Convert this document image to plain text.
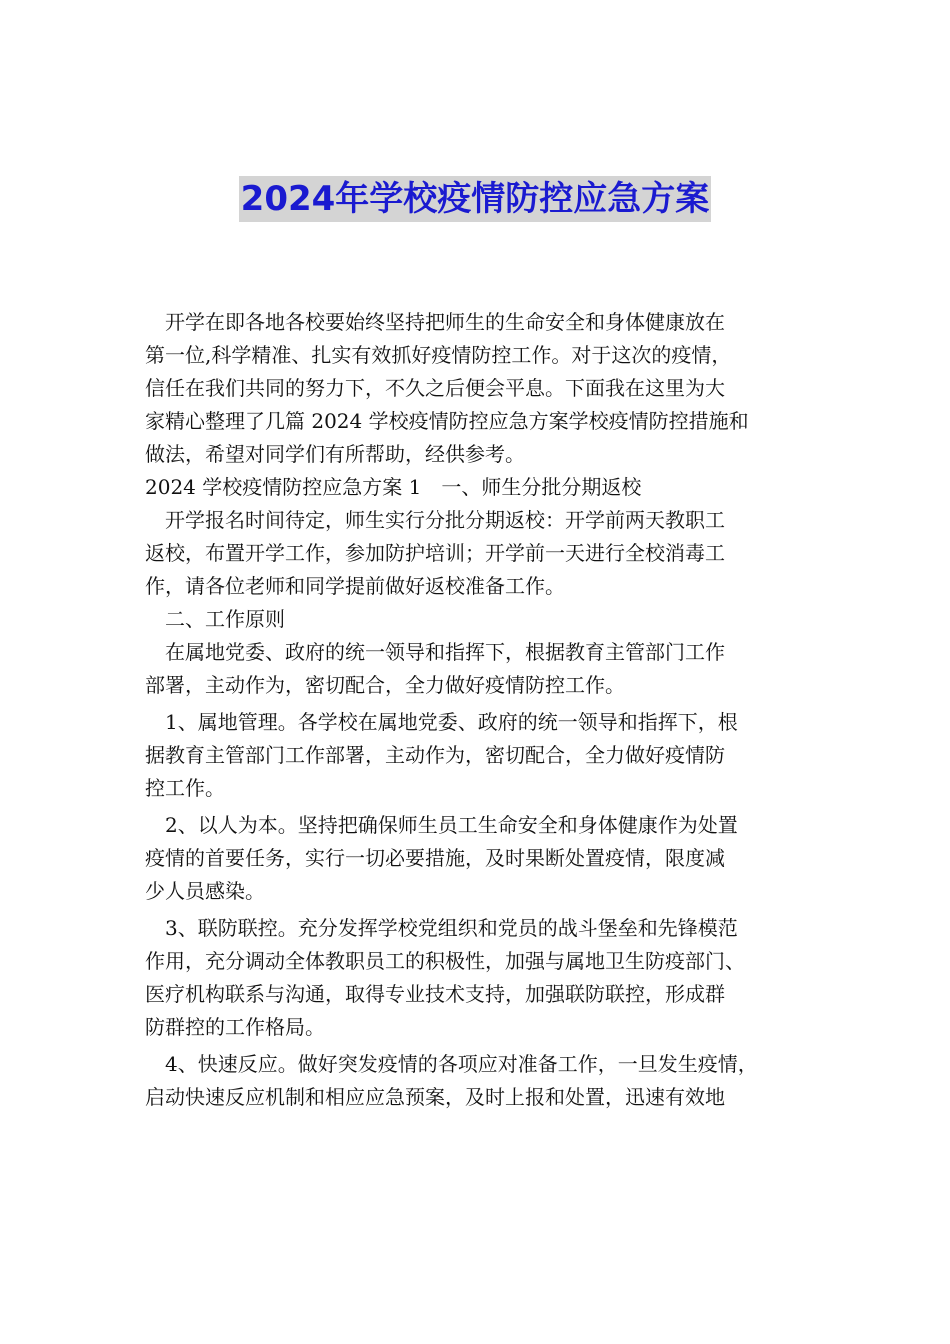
2024年学校疫情防控应急方案

　开学在即各地各校要始终坚持把师生的生命安全和身体健康放在

第一位,科学精准、扎实有效抓好疫情防控工作。对于这次的疫情，

信任在我们共同的努力下，不久之后便会平息。下面我在这里为大

家精心整理了几篇 2024 学校疫情防控应急方案学校疫情防控措施和

做法，希望对同学们有所帮助，经供参考。

2024 学校疫情防控应急方案 1　一、师生分批分期返校

　开学报名时间待定，师生实行分批分期返校：开学前两天教职工

返校，布置开学工作，参加防护培训；开学前一天进行全校消毒工

作，请各位老师和同学提前做好返校准备工作。

　二、工作原则

　在属地党委、政府的统一领导和指挥下，根据教育主管部门工作

部署，主动作为，密切配合，全力做好疫情防控工作。

　1、属地管理。各学校在属地党委、政府的统一领导和指挥下，根

据教育主管部门工作部署，主动作为，密切配合，全力做好疫情防

控工作。

　2、以人为本。坚持把确保师生员工生命安全和身体健康作为处置

疫情的首要任务，实行一切必要措施，及时果断处置疫情，限度减

少人员感染。

　3、联防联控。充分发挥学校党组织和党员的战斗堡垒和先锋模范

作用，充分调动全体教职员工的积极性，加强与属地卫生防疫部门、

医疗机构联系与沟通，取得专业技术支持，加强联防联控，形成群

防群控的工作格局。

　4、快速反应。做好突发疫情的各项应对准备工作，一旦发生疫情，

启动快速反应机制和相应应急预案，及时上报和处置，迅速有效地
